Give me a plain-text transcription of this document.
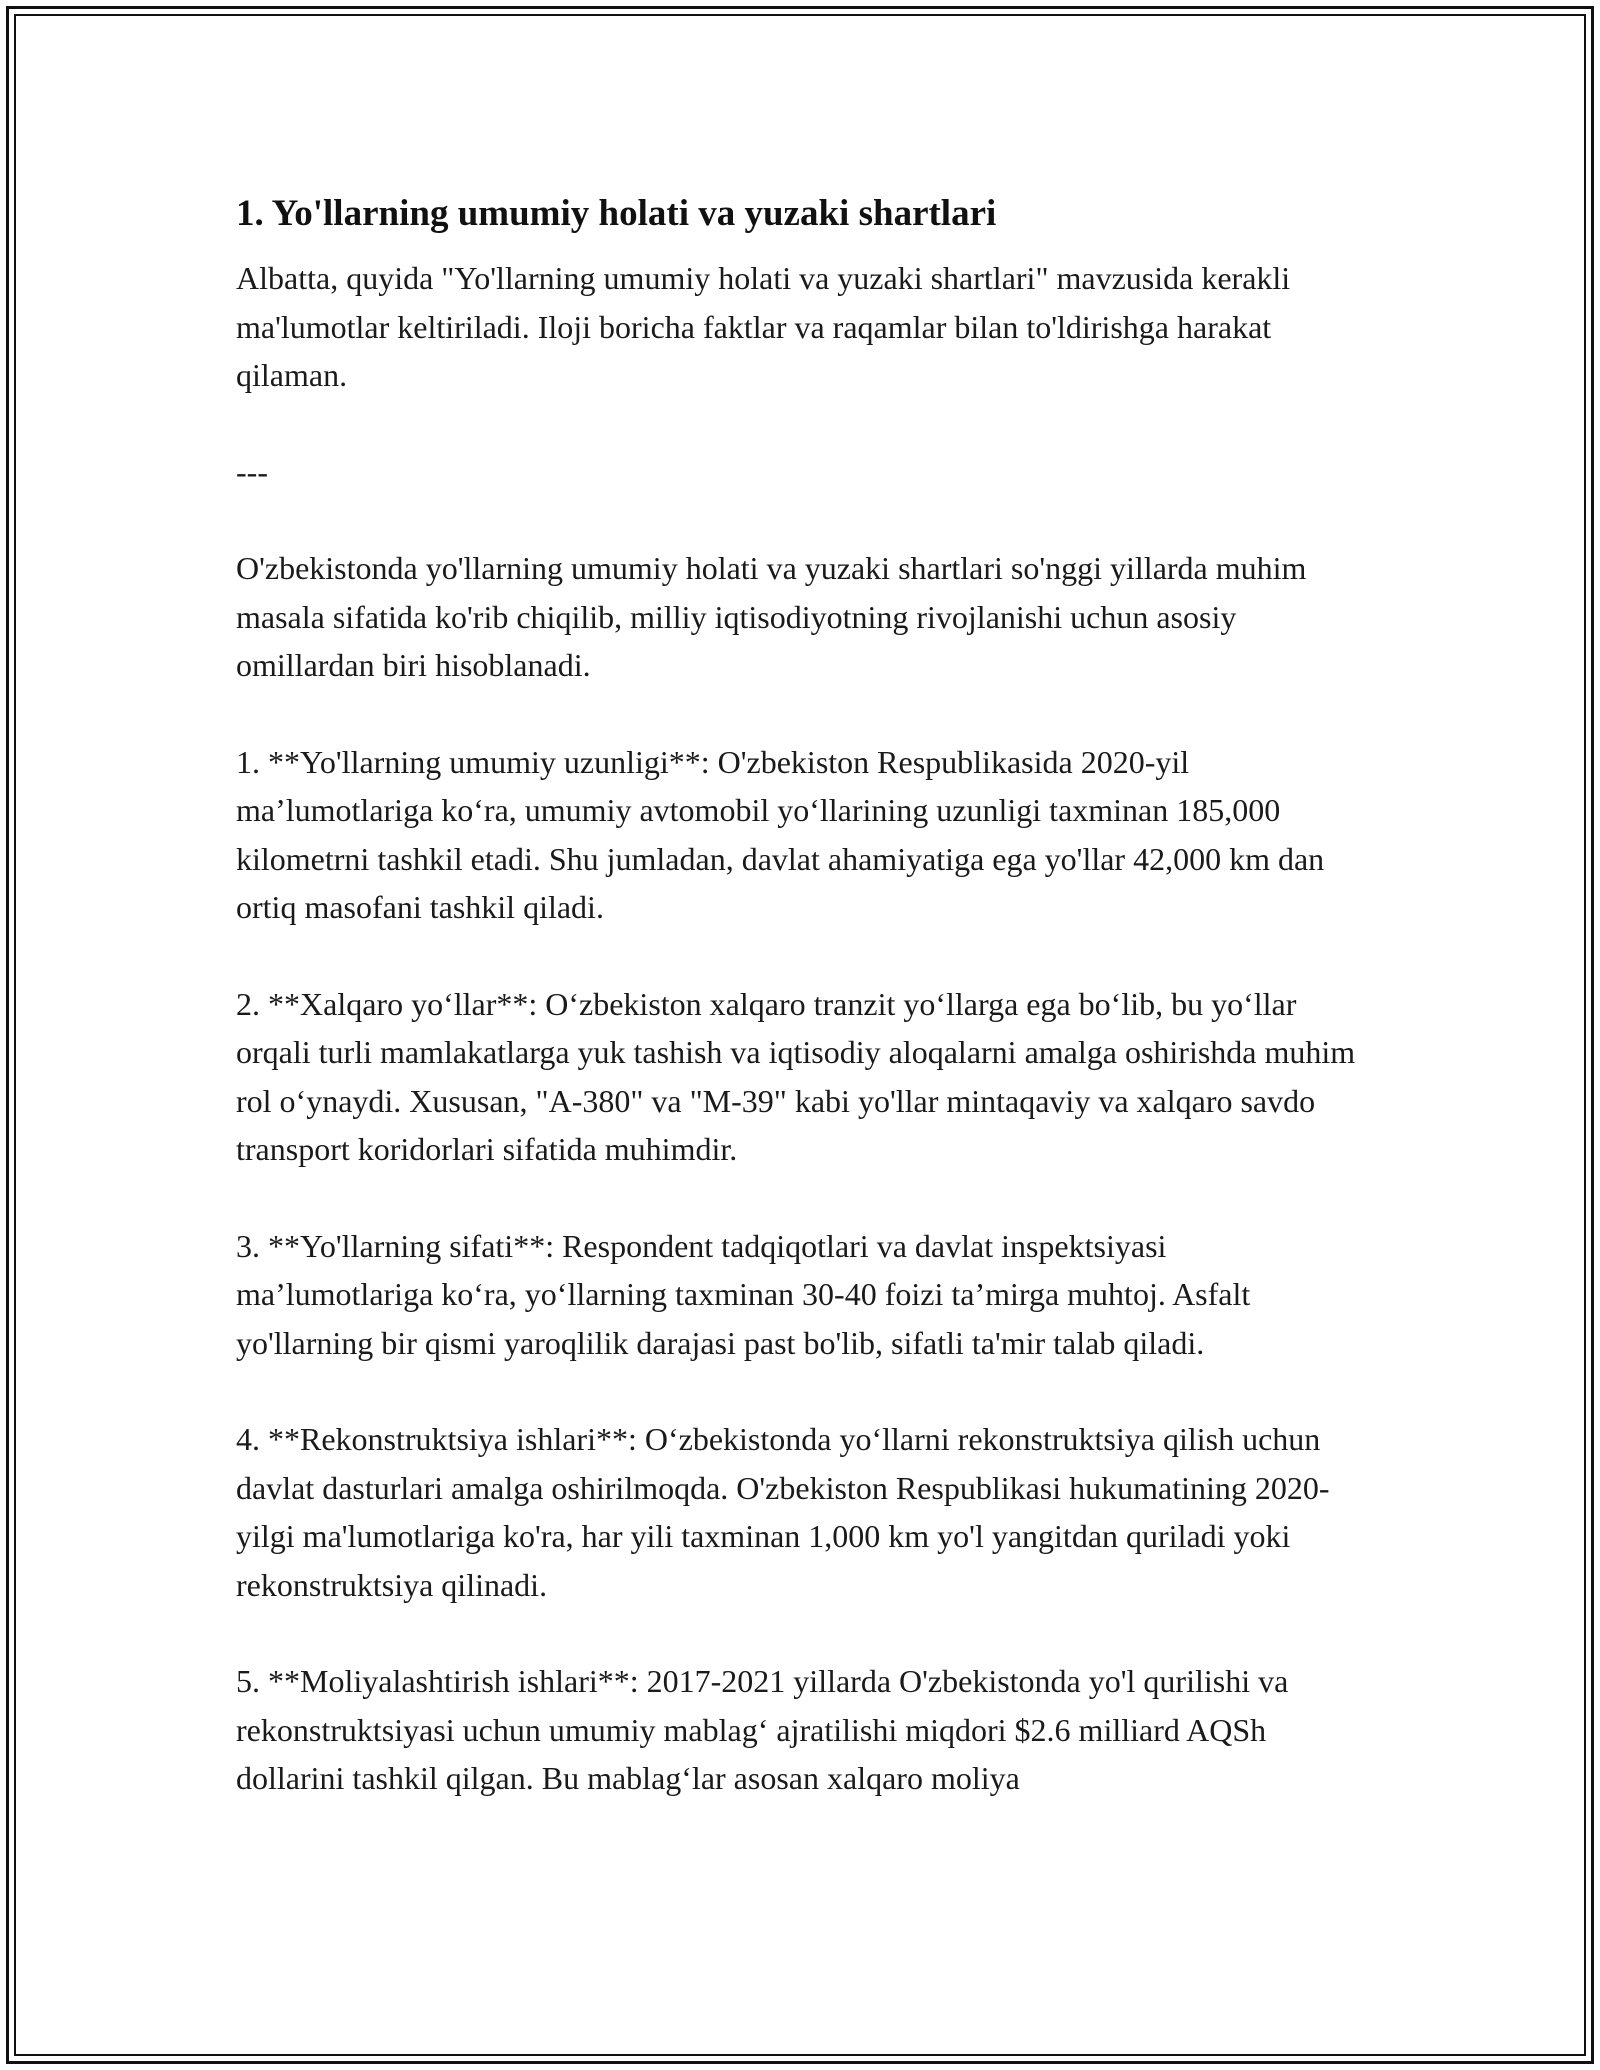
1. Yo'llarning umumiy holati va yuzaki shartlari

Albatta, quyida "Yo'llarning umumiy holati va yuzaki shartlari" mavzusida kerakli ma'lumotlar keltiriladi. Iloji boricha faktlar va raqamlar bilan to'ldirishga harakat qilaman.

---

O'zbekistonda yo'llarning umumiy holati va yuzaki shartlari so'nggi yillarda muhim masala sifatida ko'rib chiqilib, milliy iqtisodiyotning rivojlanishi uchun asosiy omillardan biri hisoblanadi.

1. **Yo'llarning umumiy uzunligi**: O'zbekiston Respublikasida 2020-yil ma’lumotlariga ko‘ra, umumiy avtomobil yo‘llarining uzunligi taxminan 185,000 kilometrni tashkil etadi. Shu jumladan, davlat ahamiyatiga ega yo'llar 42,000 km dan ortiq masofani tashkil qiladi.

2. **Xalqaro yo‘llar**: O‘zbekiston xalqaro tranzit yo‘llarga ega bo‘lib, bu yo‘llar orqali turli mamlakatlarga yuk tashish va iqtisodiy aloqalarni amalga oshirishda muhim rol o‘ynaydi. Xususan, "A-380" va "M-39" kabi yo'llar mintaqaviy va xalqaro savdo transport koridorlari sifatida muhimdir.

3. **Yo'llarning sifati**: Respondent tadqiqotlari va davlat inspektsiyasi ma’lumotlariga ko‘ra, yo‘llarning taxminan 30-40 foizi ta’mirga muhtoj. Asfalt yo'llarning bir qismi yaroqlilik darajasi past bo'lib, sifatli ta'mir talab qiladi.

4. **Rekonstruktsiya ishlari**: O‘zbekistonda yo‘llarni rekonstruktsiya qilish uchun davlat dasturlari amalga oshirilmoqda. O'zbekiston Respublikasi hukumatining 2020-yilgi ma'lumotlariga ko'ra, har yili taxminan 1,000 km yo'l yangitdan quriladi yoki rekonstruktsiya qilinadi.

5. **Moliyalashtirish ishlari**: 2017-2021 yillarda O'zbekistonda yo'l qurilishi va rekonstruktsiyasi uchun umumiy mablag‘ ajratilishi miqdori $2.6 milliard AQSh dollarini tashkil qilgan. Bu mablag‘lar asosan xalqaro moliya
